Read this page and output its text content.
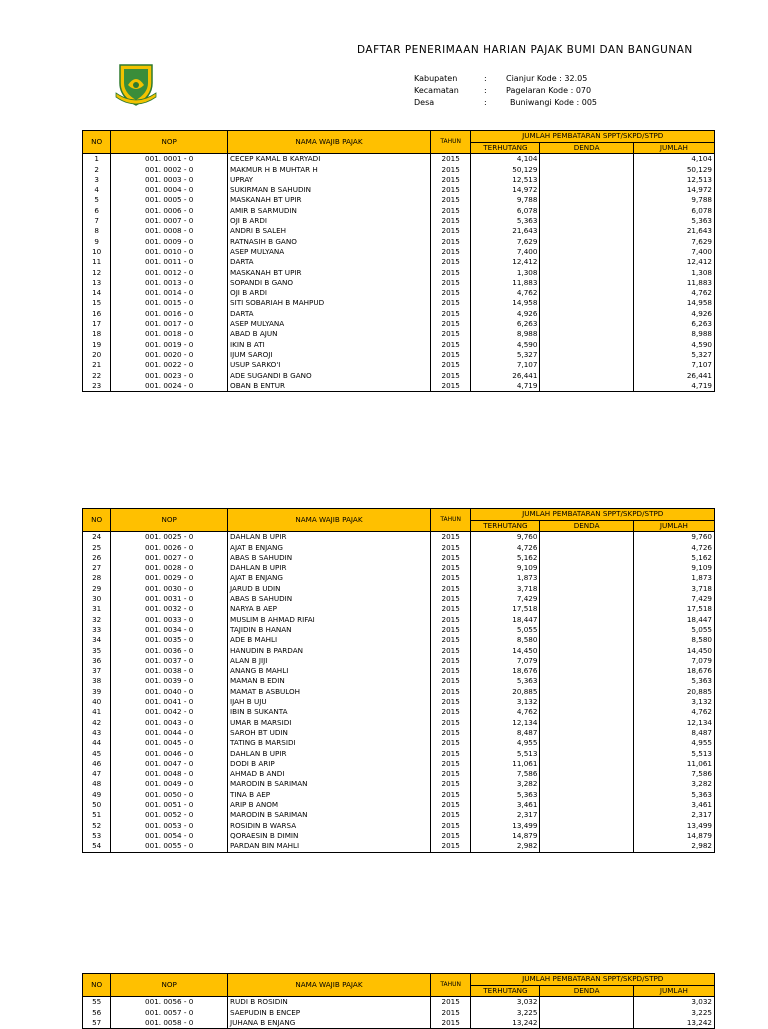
DAFTAR PENERIMAAN HARIAN PAJAK BUMI DAN BANGUNAN
Kabupaten	: Cianjur Kode : 32.05
Kecamatan	: Pagelaran Kode : 070
Desa	:	Buniwangi Kode : 005
NO	NOP	NAMA WAJIB PAJAK	TAHUN	JUMLAH PEMBATARAN SPPT/SKPD/STPD		
				TERHUTANG	DENDA	JUMLAH
1	001. 0001 - 0	CECEP KAMAL B KARYADI	2015	4,104		4,104
2	001. 0002 - 0	MAKMUR H B MUHTAR H	2015	50,129		50,129
3	001. 0003 - 0	UPRAY	2015	12,513		12,513
4	001. 0004 - 0	SUKIRMAN B SAHUDIN	2015	14,972		14,972
5	001. 0005 - 0	MASKANAH BT UPIR	2015	9,788		9,788
6	001. 0006 - 0	AMIR B SARMUDIN	2015	6,078		6,078
7	001. 0007 - 0	OJI B ARDI	2015	5,363		5,363
8	001. 0008 - 0	ANDRI B SALEH	2015	21,643		21,643
9	001. 0009 - 0	RATNASIH B GANO	2015	7,629		7,629
10	001. 0010 - 0	ASEP MULYANA	2015	7,400		7,400
11	001. 0011 - 0	DARTA	2015	12,412		12,412
12	001. 0012 - 0	MASKANAH BT UPIR	2015	1,308		1,308
13	001. 0013 - 0	SOPANDI B GANO	2015	11,883		11,883
14	001. 0014 - 0	OJI B ARDI	2015	4,762		4,762
15	001. 0015 - 0	SITI SOBARIAH B MAHPUD	2015	14,958		14,958
16	001. 0016 - 0	DARTA	2015	4,926		4,926
17	001. 0017 - 0	ASEP MULYANA	2015	6,263		6,263
18	001. 0018 - 0	ABAD B AJUN	2015	8,988		8,988
19	001. 0019 - 0	IKIN B ATI	2015	4,590		4,590
20	001. 0020 - 0	IJUM SAROJI	2015	5,327		5,327
21	001. 0022 - 0	USUP SARKO'I	2015	7,107		7,107
22	001. 0023 - 0	ADE SUGANDI B GANO	2015	26,441		26,441
23	001. 0024 - 0	OBAN B ENTUR	2015	4,719		4,719
NO	NOP	NAMA WAJIB PAJAK	TAHUN	JUMLAH PEMBATARAN SPPT/SKPD/STPD		
				TERHUTANG	DENDA	JUMLAH
24	001. 0025 - 0	DAHLAN B UPIR	2015	9,760		9,760
25	001. 0026 - 0	AJAT B ENJANG	2015	4,726		4,726
26	001. 0027 - 0	ABAS B SAHUDIN	2015	5,162		5,162
27	001. 0028 - 0	DAHLAN B UPIR	2015	9,109		9,109
28	001. 0029 - 0	AJAT B ENJANG	2015	1,873		1,873
29	001. 0030 - 0	JARUD B UDIN	2015	3,718		3,718
30	001. 0031 - 0	ABAS B SAHUDIN	2015	7,429		7,429
31	001. 0032 - 0	NARYA B AEP	2015	17,518		17,518
32	001. 0033 - 0	MUSLIM B AHMAD RIFAI	2015	18,447		18,447
33	001. 0034 - 0	TAJIDIN B HANAN	2015	5,055		5,055
34	001. 0035 - 0	ADE B MAHLI	2015	8,580		8,580
35	001. 0036 - 0	HANUDIN B PARDAN	2015	14,450		14,450
36	001. 0037 - 0	ALAN B JIJI	2015	7,079		7,079
37	001. 0038 - 0	ANANG B MAHLI	2015	18,676		18,676
38	001. 0039 - 0	MAMAN B EDIN	2015	5,363		5,363
39	001. 0040 - 0	MAMAT B ASBULOH	2015	20,885		20,885
40	001. 0041 - 0	IJAH B UJU	2015	3,132		3,132
41	001. 0042 - 0	IBIN B SUKANTA	2015	4,762		4,762
42	001. 0043 - 0	UMAR B MARSIDI	2015	12,134		12,134
43	001. 0044 - 0	SAROH BT UDIN	2015	8,487		8,487
44	001. 0045 - 0	TATING B MARSIDI	2015	4,955		4,955
45	001. 0046 - 0	DAHLAN B UPIR	2015	5,513		5,513
46	001. 0047 - 0	DODI B ARIP	2015	11,061		11,061
47	001. 0048 - 0	AHMAD B ANDI	2015	7,586		7,586
48	001. 0049 - 0	MARODIN B SARIMAN	2015	3,282		3,282
49	001. 0050 - 0	TINA B AEP	2015	5,363		5,363
50	001. 0051 - 0	ARIP B ANOM	2015	3,461		3,461
51	001. 0052 - 0	MARODIN B SARIMAN	2015	2,317		2,317
52	001. 0053 - 0	ROSIDIN B WARSA	2015	13,499		13,499
53	001. 0054 - 0	QORAESIN B DIMIN	2015	14,879		14,879
54	001. 0055 - 0	PARDAN BIN MAHLI	2015	2,982		2,982
NO	NOP	NAMA WAJIB PAJAK	TAHUN	JUMLAH PEMBATARAN SPPT/SKPD/STPD		
				TERHUTANG	DENDA	JUMLAH
55	001. 0056 - 0	RUDI B ROSIDIN	2015	3,032		3,032
56	001. 0057 - 0	SAEPUDIN B ENCEP	2015	3,225		3,225
57	001. 0058 - 0	JUHANA B ENJANG	2015	13,242		13,242
